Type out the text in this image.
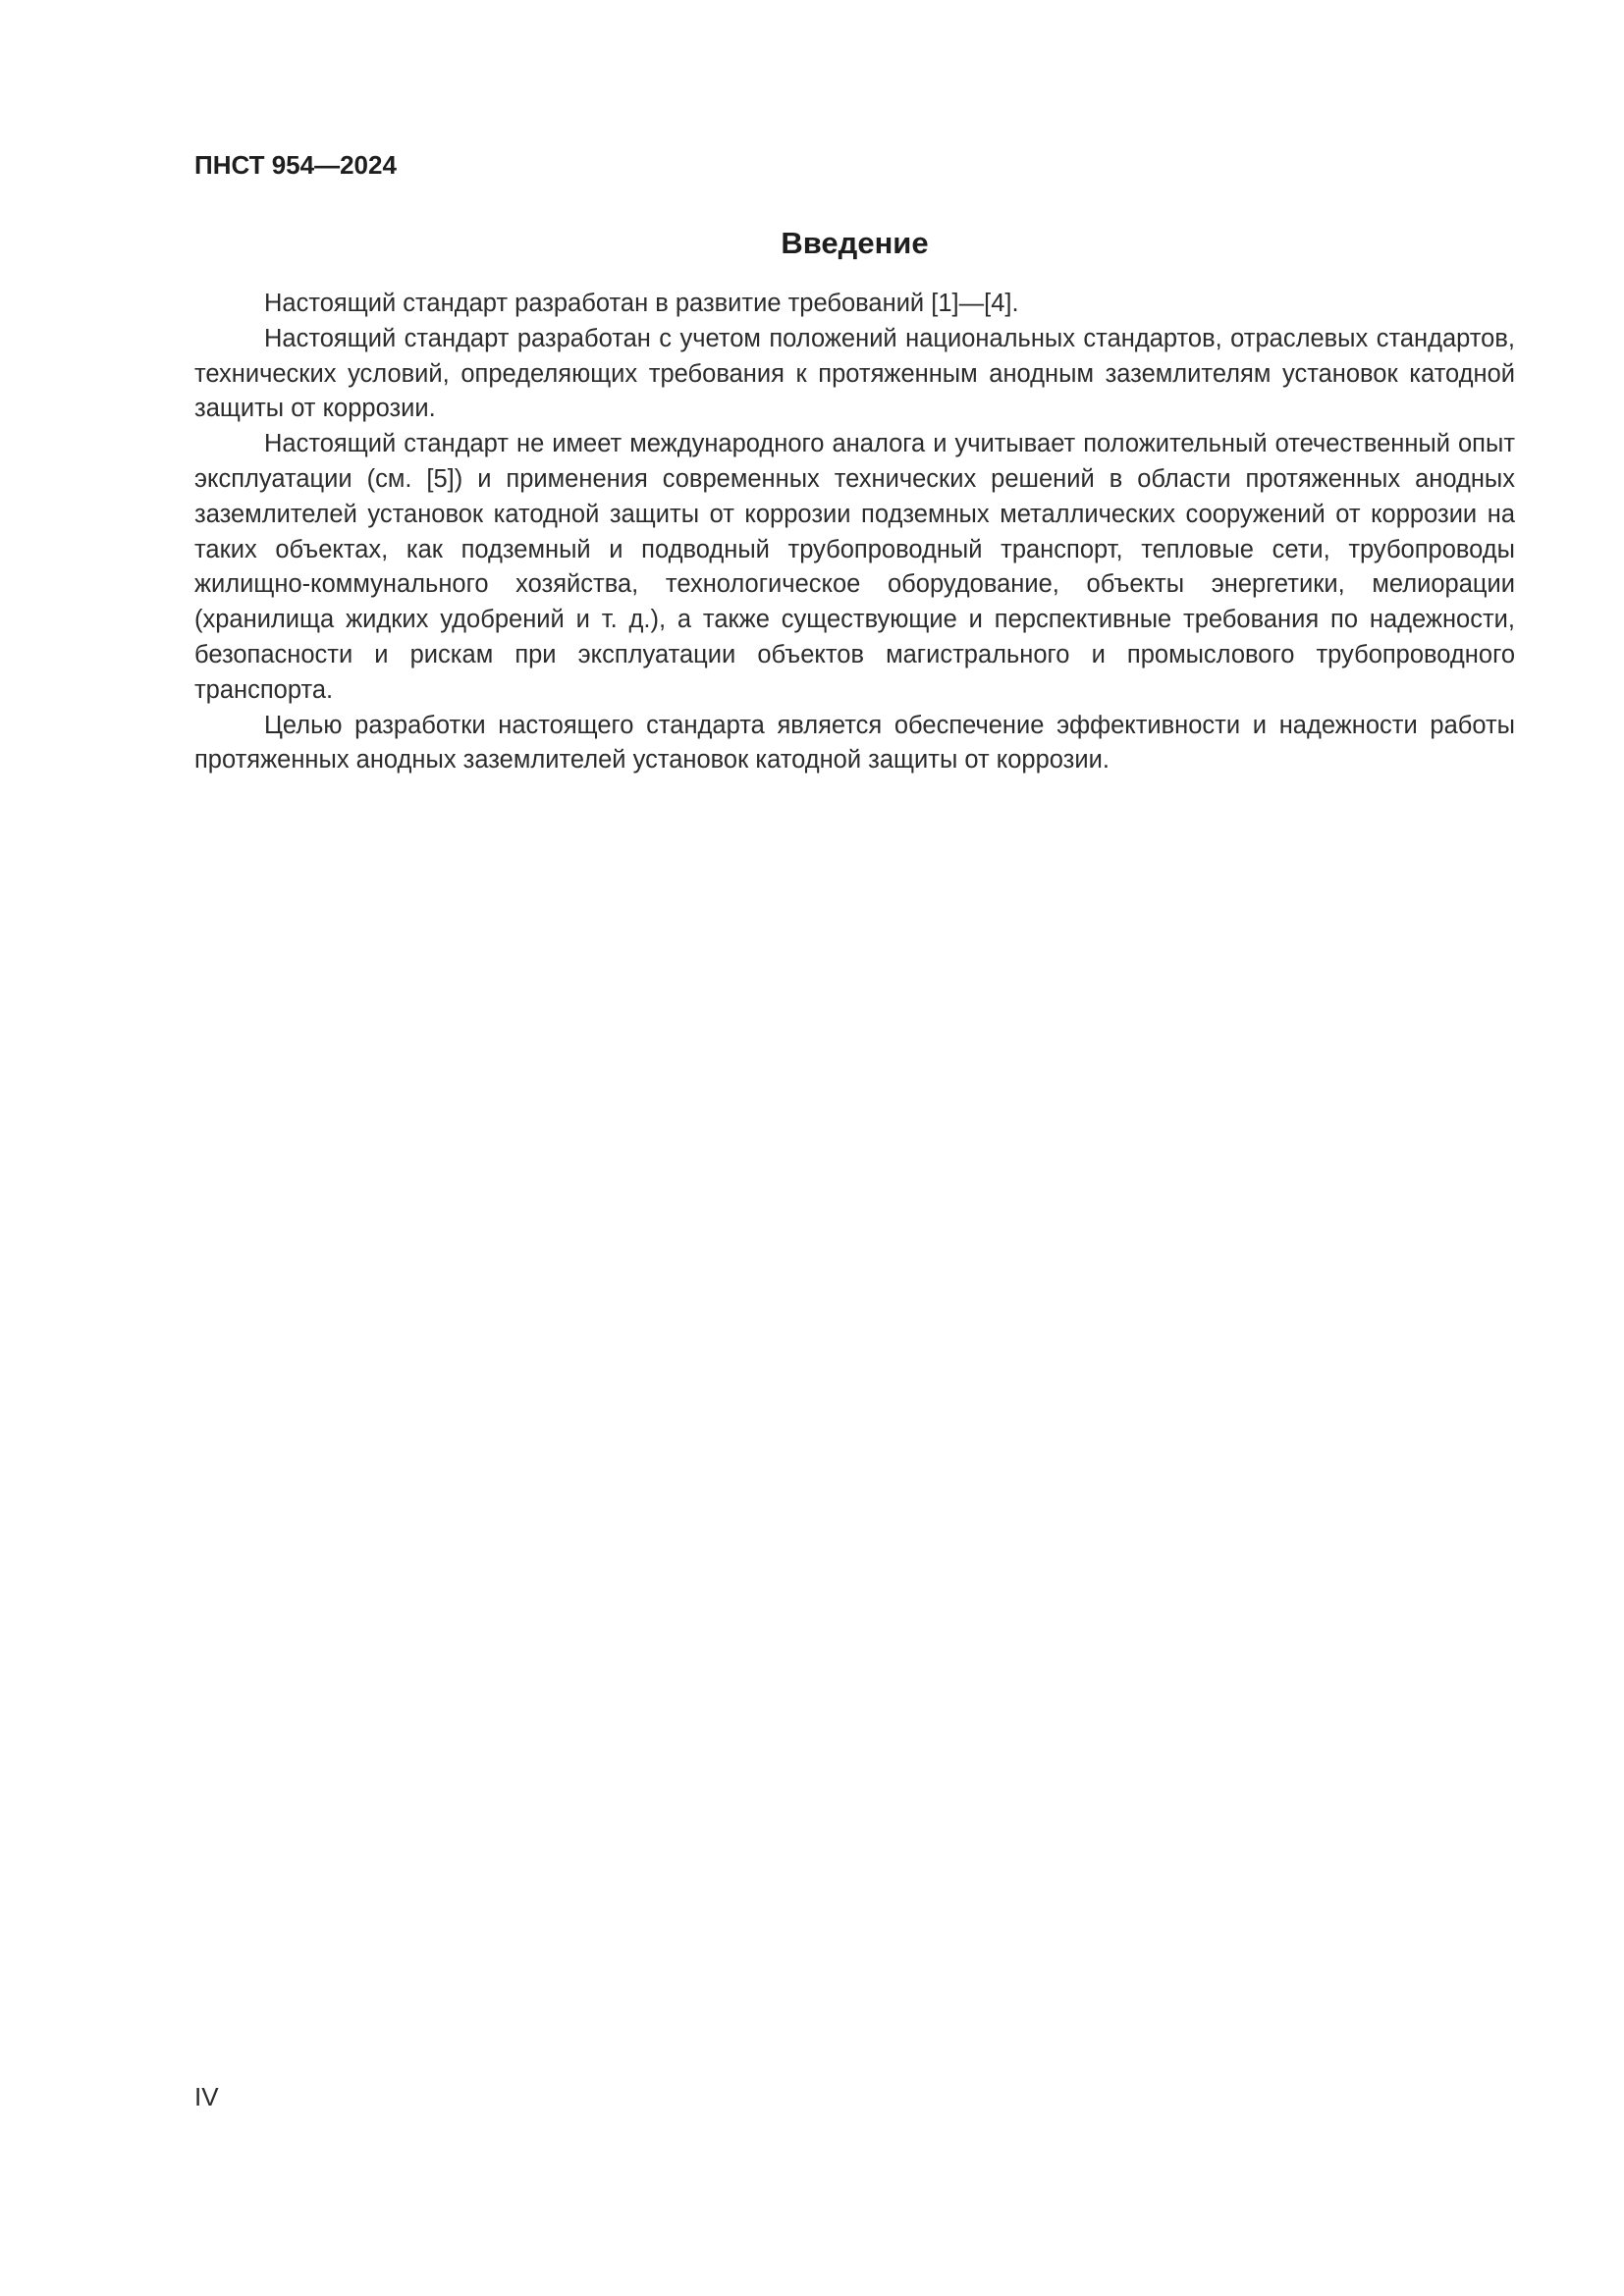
ПНСТ 954—2024

Введение

Настоящий стандарт разработан в развитие требований [1]—[4].

Настоящий стандарт разработан с учетом положений национальных стандартов, отраслевых стандартов, технических условий, определяющих требования к протяженным анодным заземлителям установок катодной защиты от коррозии.

Настоящий стандарт не имеет международного аналога и учитывает положительный отечественный опыт эксплуатации (см. [5]) и применения современных технических решений в области протяженных анодных заземлителей установок катодной защиты от коррозии подземных металлических сооружений от коррозии на таких объектах, как подземный и подводный трубопроводный транспорт, тепловые сети, трубопроводы жилищно-коммунального хозяйства, технологическое оборудование, объекты энергетики, мелиорации (хранилища жидких удобрений и т. д.), а также существующие и перспективные требования по надежности, безопасности и рискам при эксплуатации объектов магистрального и промыслового трубопроводного транспорта.

Целью разработки настоящего стандарта является обеспечение эффективности и надежности работы протяженных анодных заземлителей установок катодной защиты от коррозии.

IV
